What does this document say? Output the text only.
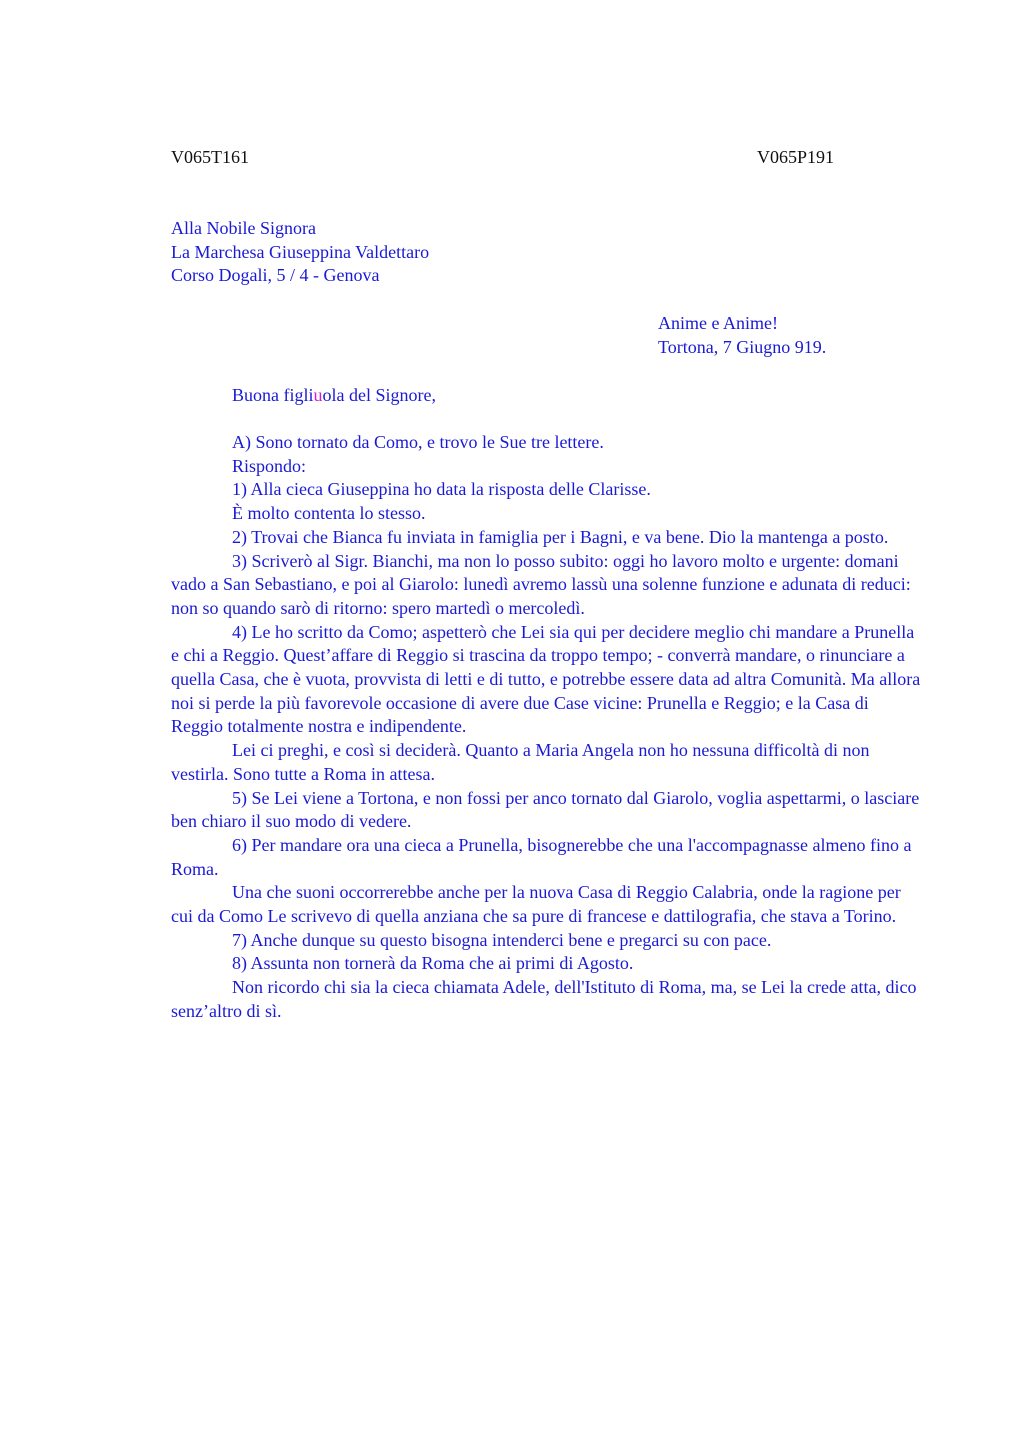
V065T161	V065P191
Alla Nobile Signora
La Marchesa Giuseppina Valdettaro
Corso Dogali, 5 / 4 - Genova
Anime e Anime!
Tortona, 7 Giugno 919.
Buona figliuola del Signore,

A) Sono tornato da Como, e trovo le Sue tre lettere.

Rispondo:

1) Alla cieca Giuseppina ho data la risposta delle Clarisse.

È molto contenta lo stesso.

2) Trovai che Bianca fu inviata in famiglia per i Bagni, e va bene. Dio la mantenga a posto.

3) Scriverò al Sigr. Bianchi, ma non lo posso subito: oggi ho lavoro molto e urgente: domani vado a San Sebastiano, e poi al Giarolo: lunedì avremo lassù una solenne funzione e adunata di reduci: non so quando sarò di ritorno: spero martedì o mercoledì.

4) Le ho scritto da Como; aspetterò che Lei sia qui per decidere meglio chi mandare a Prunella e chi a Reggio. Quest’affare di Reggio si trascina da troppo tempo; - converrà mandare, o rinunciare a quella Casa, che è vuota, provvista di letti e di tutto, e potrebbe essere data ad altra Comunità. Ma allora noi si perde la più favorevole occasione di avere due Case vicine: Prunella e Reggio; e la Casa di Reggio totalmente nostra e indipendente.

Lei ci preghi, e così si deciderà. Quanto a Maria Angela non ho nessuna difficoltà di non vestirla. Sono tutte a Roma in attesa.

5) Se Lei viene a Tortona, e non fossi per anco tornato dal Giarolo, voglia aspettarmi, o lasciare ben chiaro il suo modo di vedere.

6) Per mandare ora una cieca a Prunella, bisognerebbe che una l'accompagnasse almeno fino a Roma.

Una che suoni occorrerebbe anche per la nuova Casa di Reggio Calabria, onde la ragione per cui da Como Le scrivevo di quella anziana che sa pure di francese e dattilografia, che stava a Torino.

7) Anche dunque su questo bisogna intenderci bene e pregarci su con pace.

8) Assunta non tornerà da Roma che ai primi di Agosto.

Non ricordo chi sia la cieca chiamata Adele, dell'Istituto di Roma, ma, se Lei la crede atta, dico senz’altro di sì.
